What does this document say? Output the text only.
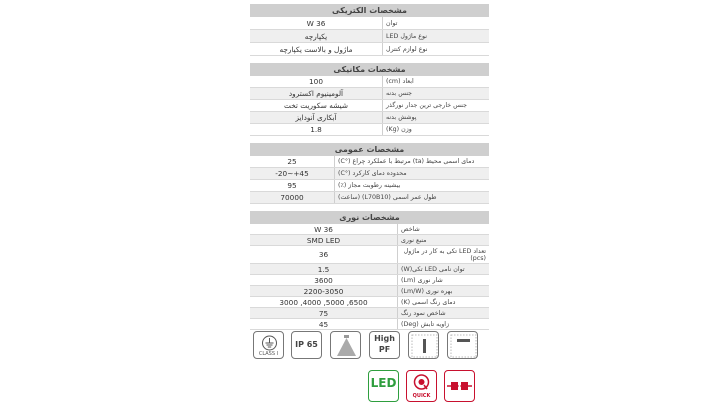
مشخصات الکتریکی
توان
36 W
نوع ماژول LED
یکپارچه
نوع لوازم کنترل
ماژول و بالاست یکپارچه
مشخصات مکانیکی
ابعاد (cm)
100
جنس بدنه
آلومینیوم اکسترود
جنس خارجی ترین جدار نورگذر
شیشه سکوریت تخت
پوشش بدنه
آبکاری آنودایز
وزن (Kg)
1.8
مشخصات عمومی
دمای اسمی محیط (ta) مرتبط با عملکرد چراغ (°C)
25
محدوده دمای کارکرد (°C)
-20~+45
بیشینه رطوبت مجاز (٪)
95
طول عمر اسمی (L70B10) (ساعت)
70000
مشخصات نوری
شاخص
36 W
منبع نوری
SMD LED
تعداد LED تکی به کار در ماژول (pcs)
36
توان نامی LED تکی(W)
1.5
شار نوری (Lm)
3600
بهره نوری (Lm/W)
2200-3050
دمای رنگ اسمی (K)
3000 ,4000 ,5000 ,6500
شاخص نمود رنگ
75
زاویه تابش (Deg)
45
CLASS I
IP 65
High
PF
LED
QUICK
